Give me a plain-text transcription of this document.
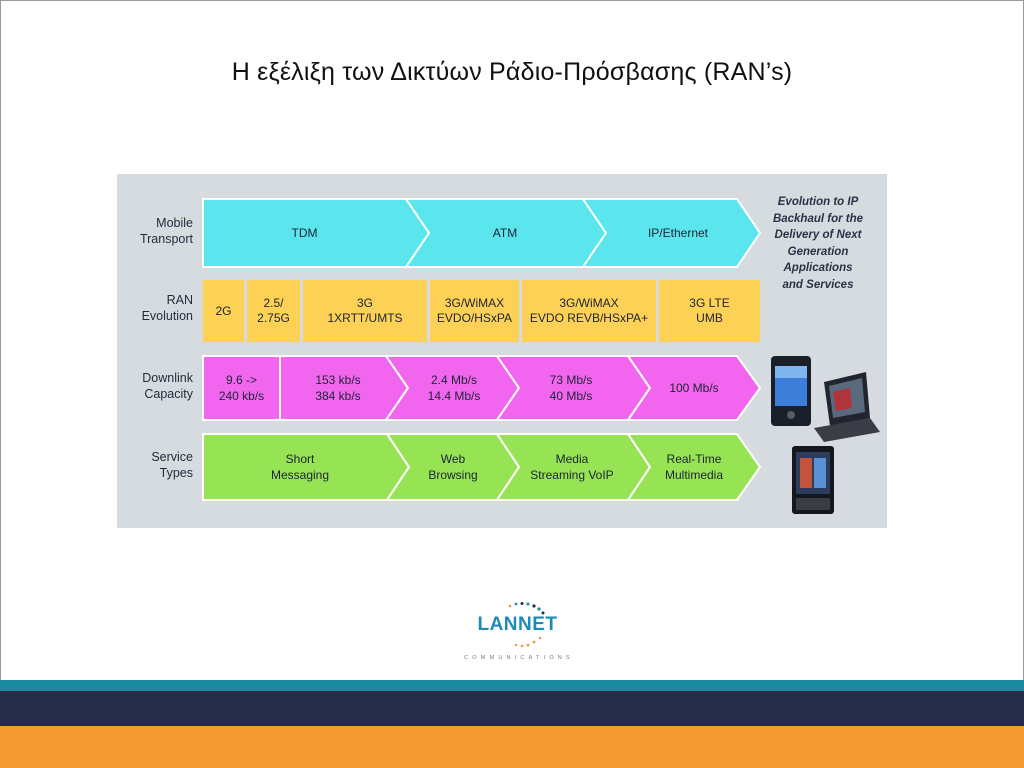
Η εξέλιξη των Δικτύων Ράδιο-Πρόσβασης (RAN’s)
Mobile
Transport
RAN
Evolution
Downlink
Capacity
Service
Types
TDM	ATM	IP/Ethernet
2G
2.5/
2.75G
3G
1XRTT/UMTS
3G/WiMAX
EVDO/HSxPA
3G/WiMAX
EVDO REVB/HSxPA+
3G LTE
UMB
9.6 ->
240 kb/s
153 kb/s
384 kb/s
2.4 Mb/s
14.4 Mb/s
73 Mb/s
40 Mb/s
100 Mb/s
Short
Messaging
Web
Browsing
Media
Streaming VoIP
Real-Time
Multimedia
Evolution to IP
Backhaul for the
Delivery of Next
Generation
Applications
and Services
LANNET
COMMUNICATIONS
